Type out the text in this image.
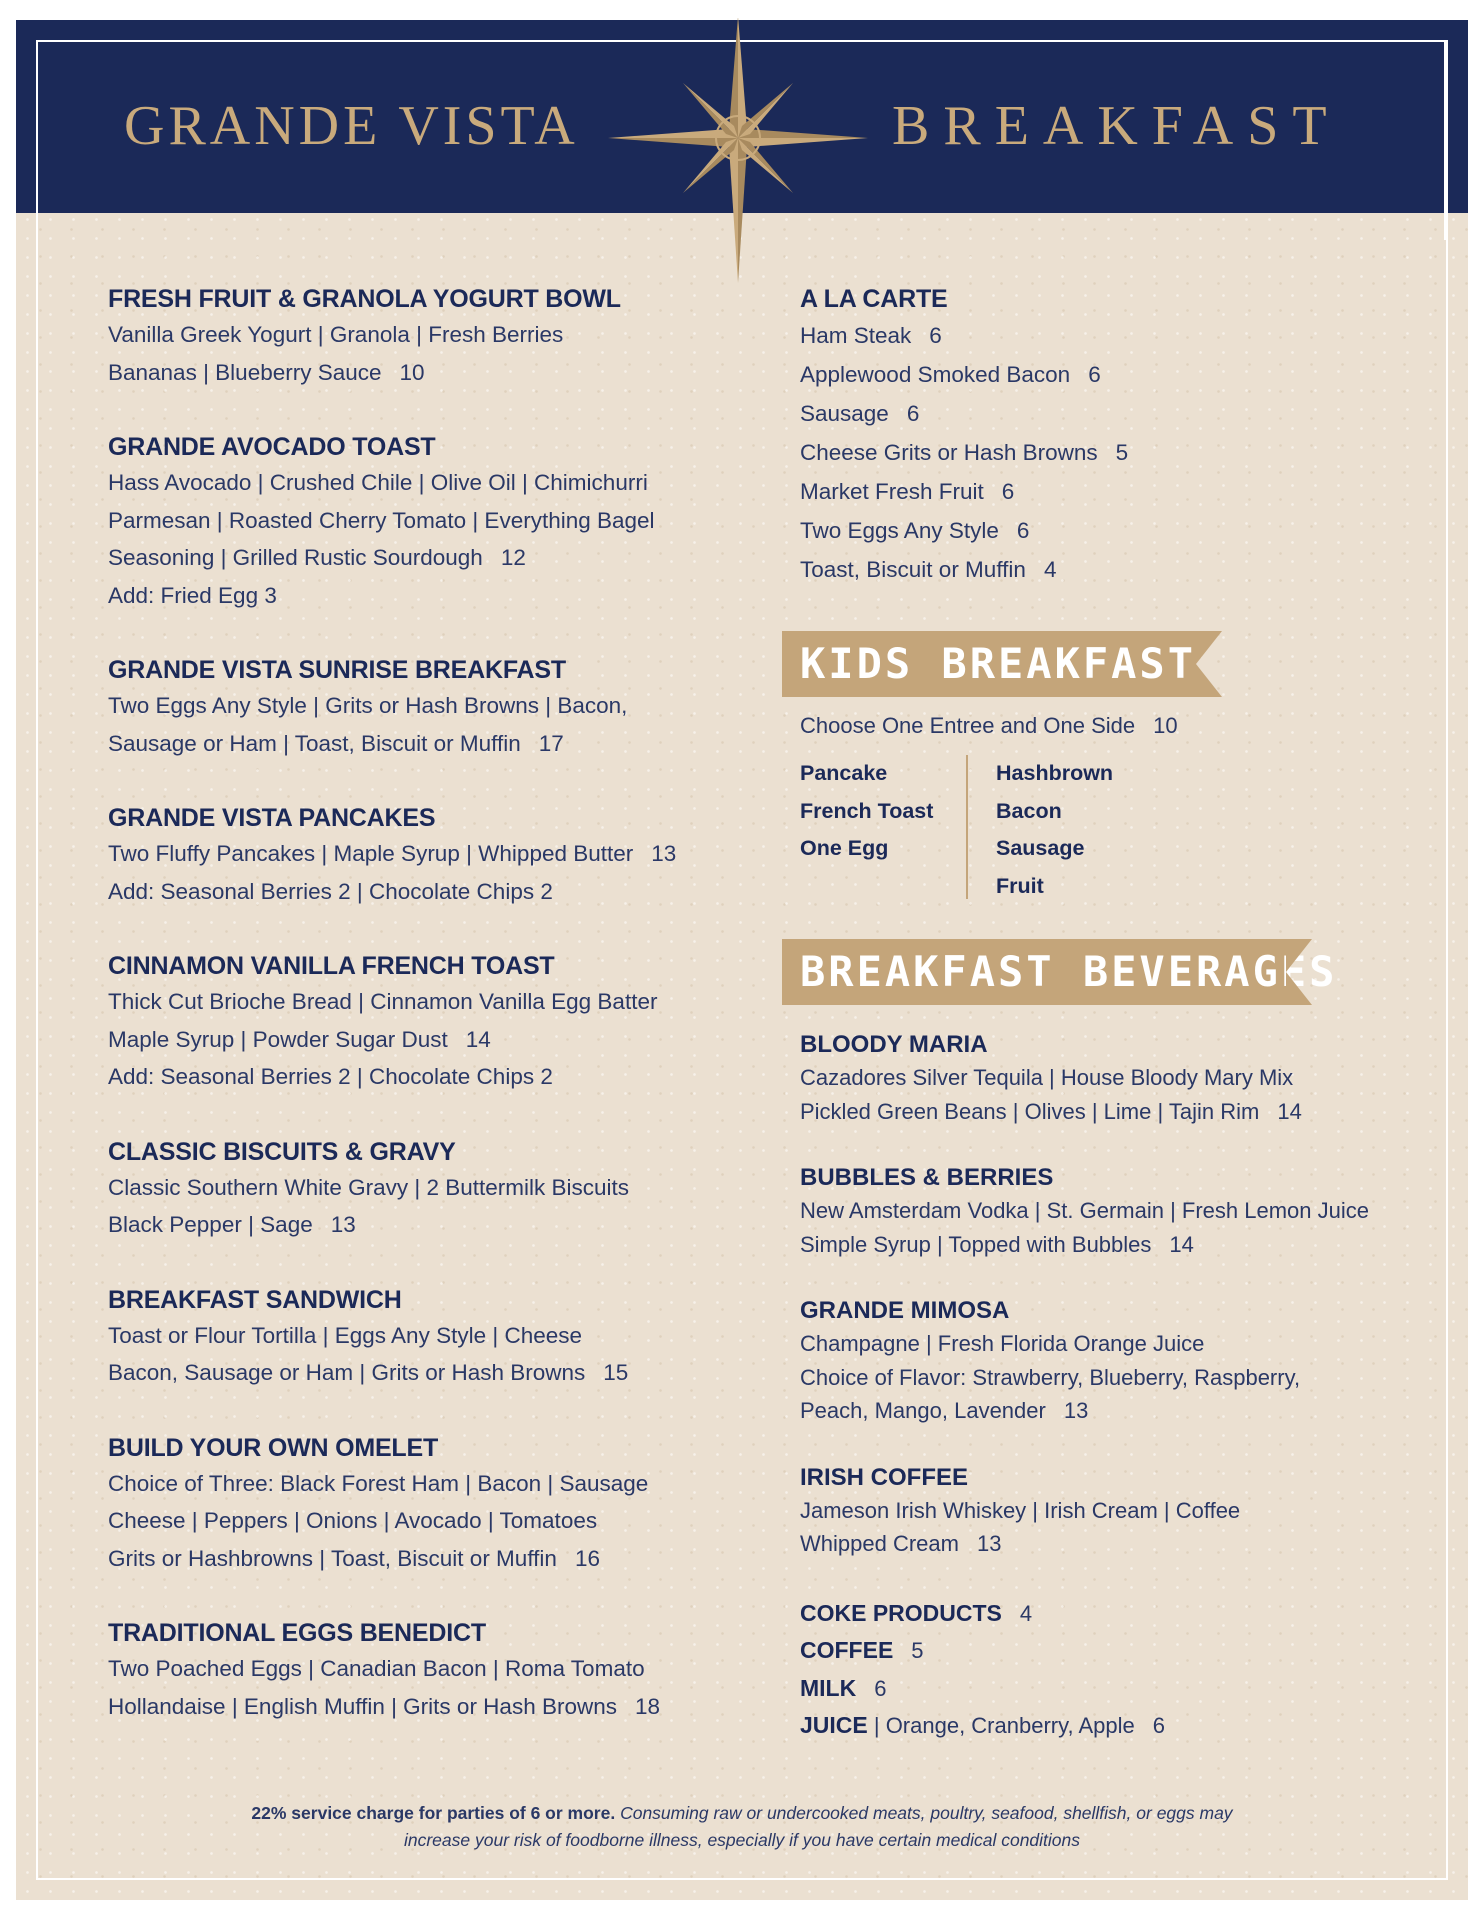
GRANDE VISTA	BREAKFAST
FRESH FRUIT & GRANOLA YOGURT BOWL
Vanilla Greek Yogurt | Granola | Fresh Berries
Bananas | Blueberry Sauce 10
GRANDE AVOCADO TOAST
Hass Avocado | Crushed Chile | Olive Oil | Chimichurri
Parmesan | Roasted Cherry Tomato | Everything Bagel
Seasoning | Grilled Rustic Sourdough 12
Add: Fried Egg 3
GRANDE VISTA SUNRISE BREAKFAST
Two Eggs Any Style | Grits or Hash Browns | Bacon,
Sausage or Ham | Toast, Biscuit or Muffin 17
GRANDE VISTA PANCAKES
Two Fluffy Pancakes | Maple Syrup | Whipped Butter 13
Add: Seasonal Berries 2 | Chocolate Chips 2
CINNAMON VANILLA FRENCH TOAST
Thick Cut Brioche Bread | Cinnamon Vanilla Egg Batter
Maple Syrup | Powder Sugar Dust 14
Add: Seasonal Berries 2 | Chocolate Chips 2
CLASSIC BISCUITS & GRAVY
Classic Southern White Gravy | 2 Buttermilk Biscuits
Black Pepper | Sage 13
BREAKFAST SANDWICH
Toast or Flour Tortilla | Eggs Any Style | Cheese
Bacon, Sausage or Ham | Grits or Hash Browns 15
BUILD YOUR OWN OMELET
Choice of Three: Black Forest Ham | Bacon | Sausage
Cheese | Peppers | Onions | Avocado | Tomatoes
Grits or Hashbrowns | Toast, Biscuit or Muffin 16
TRADITIONAL EGGS BENEDICT
Two Poached Eggs | Canadian Bacon | Roma Tomato
Hollandaise | English Muffin | Grits or Hash Browns 18
A LA CARTE
Ham Steak 6
Applewood Smoked Bacon 6
Sausage 6
Cheese Grits or Hash Browns 5
Market Fresh Fruit 6
Two Eggs Any Style 6
Toast, Biscuit or Muffin 4
KIDS BREAKFAST
Choose One Entree and One Side 10
Pancake
French Toast
One Egg
Hashbrown
Bacon
Sausage
Fruit
BREAKFAST BEVERAGES
BLOODY MARIA
Cazadores Silver Tequila | House Bloody Mary Mix
Pickled Green Beans | Olives | Lime | Tajin Rim 14
BUBBLES & BERRIES
New Amsterdam Vodka | St. Germain | Fresh Lemon Juice
Simple Syrup | Topped with Bubbles 14
GRANDE MIMOSA
Champagne | Fresh Florida Orange Juice
Choice of Flavor: Strawberry, Blueberry, Raspberry,
Peach, Mango, Lavender 13
IRISH COFFEE
Jameson Irish Whiskey | Irish Cream | Coffee
Whipped Cream 13
COKE PRODUCTS 4
COFFEE 5
MILK 6
JUICE | Orange, Cranberry, Apple 6
22% service charge for parties of 6 or more. Consuming raw or undercooked meats, poultry, seafood, shellfish, or eggs may
increase your risk of foodborne illness, especially if you have certain medical conditions
